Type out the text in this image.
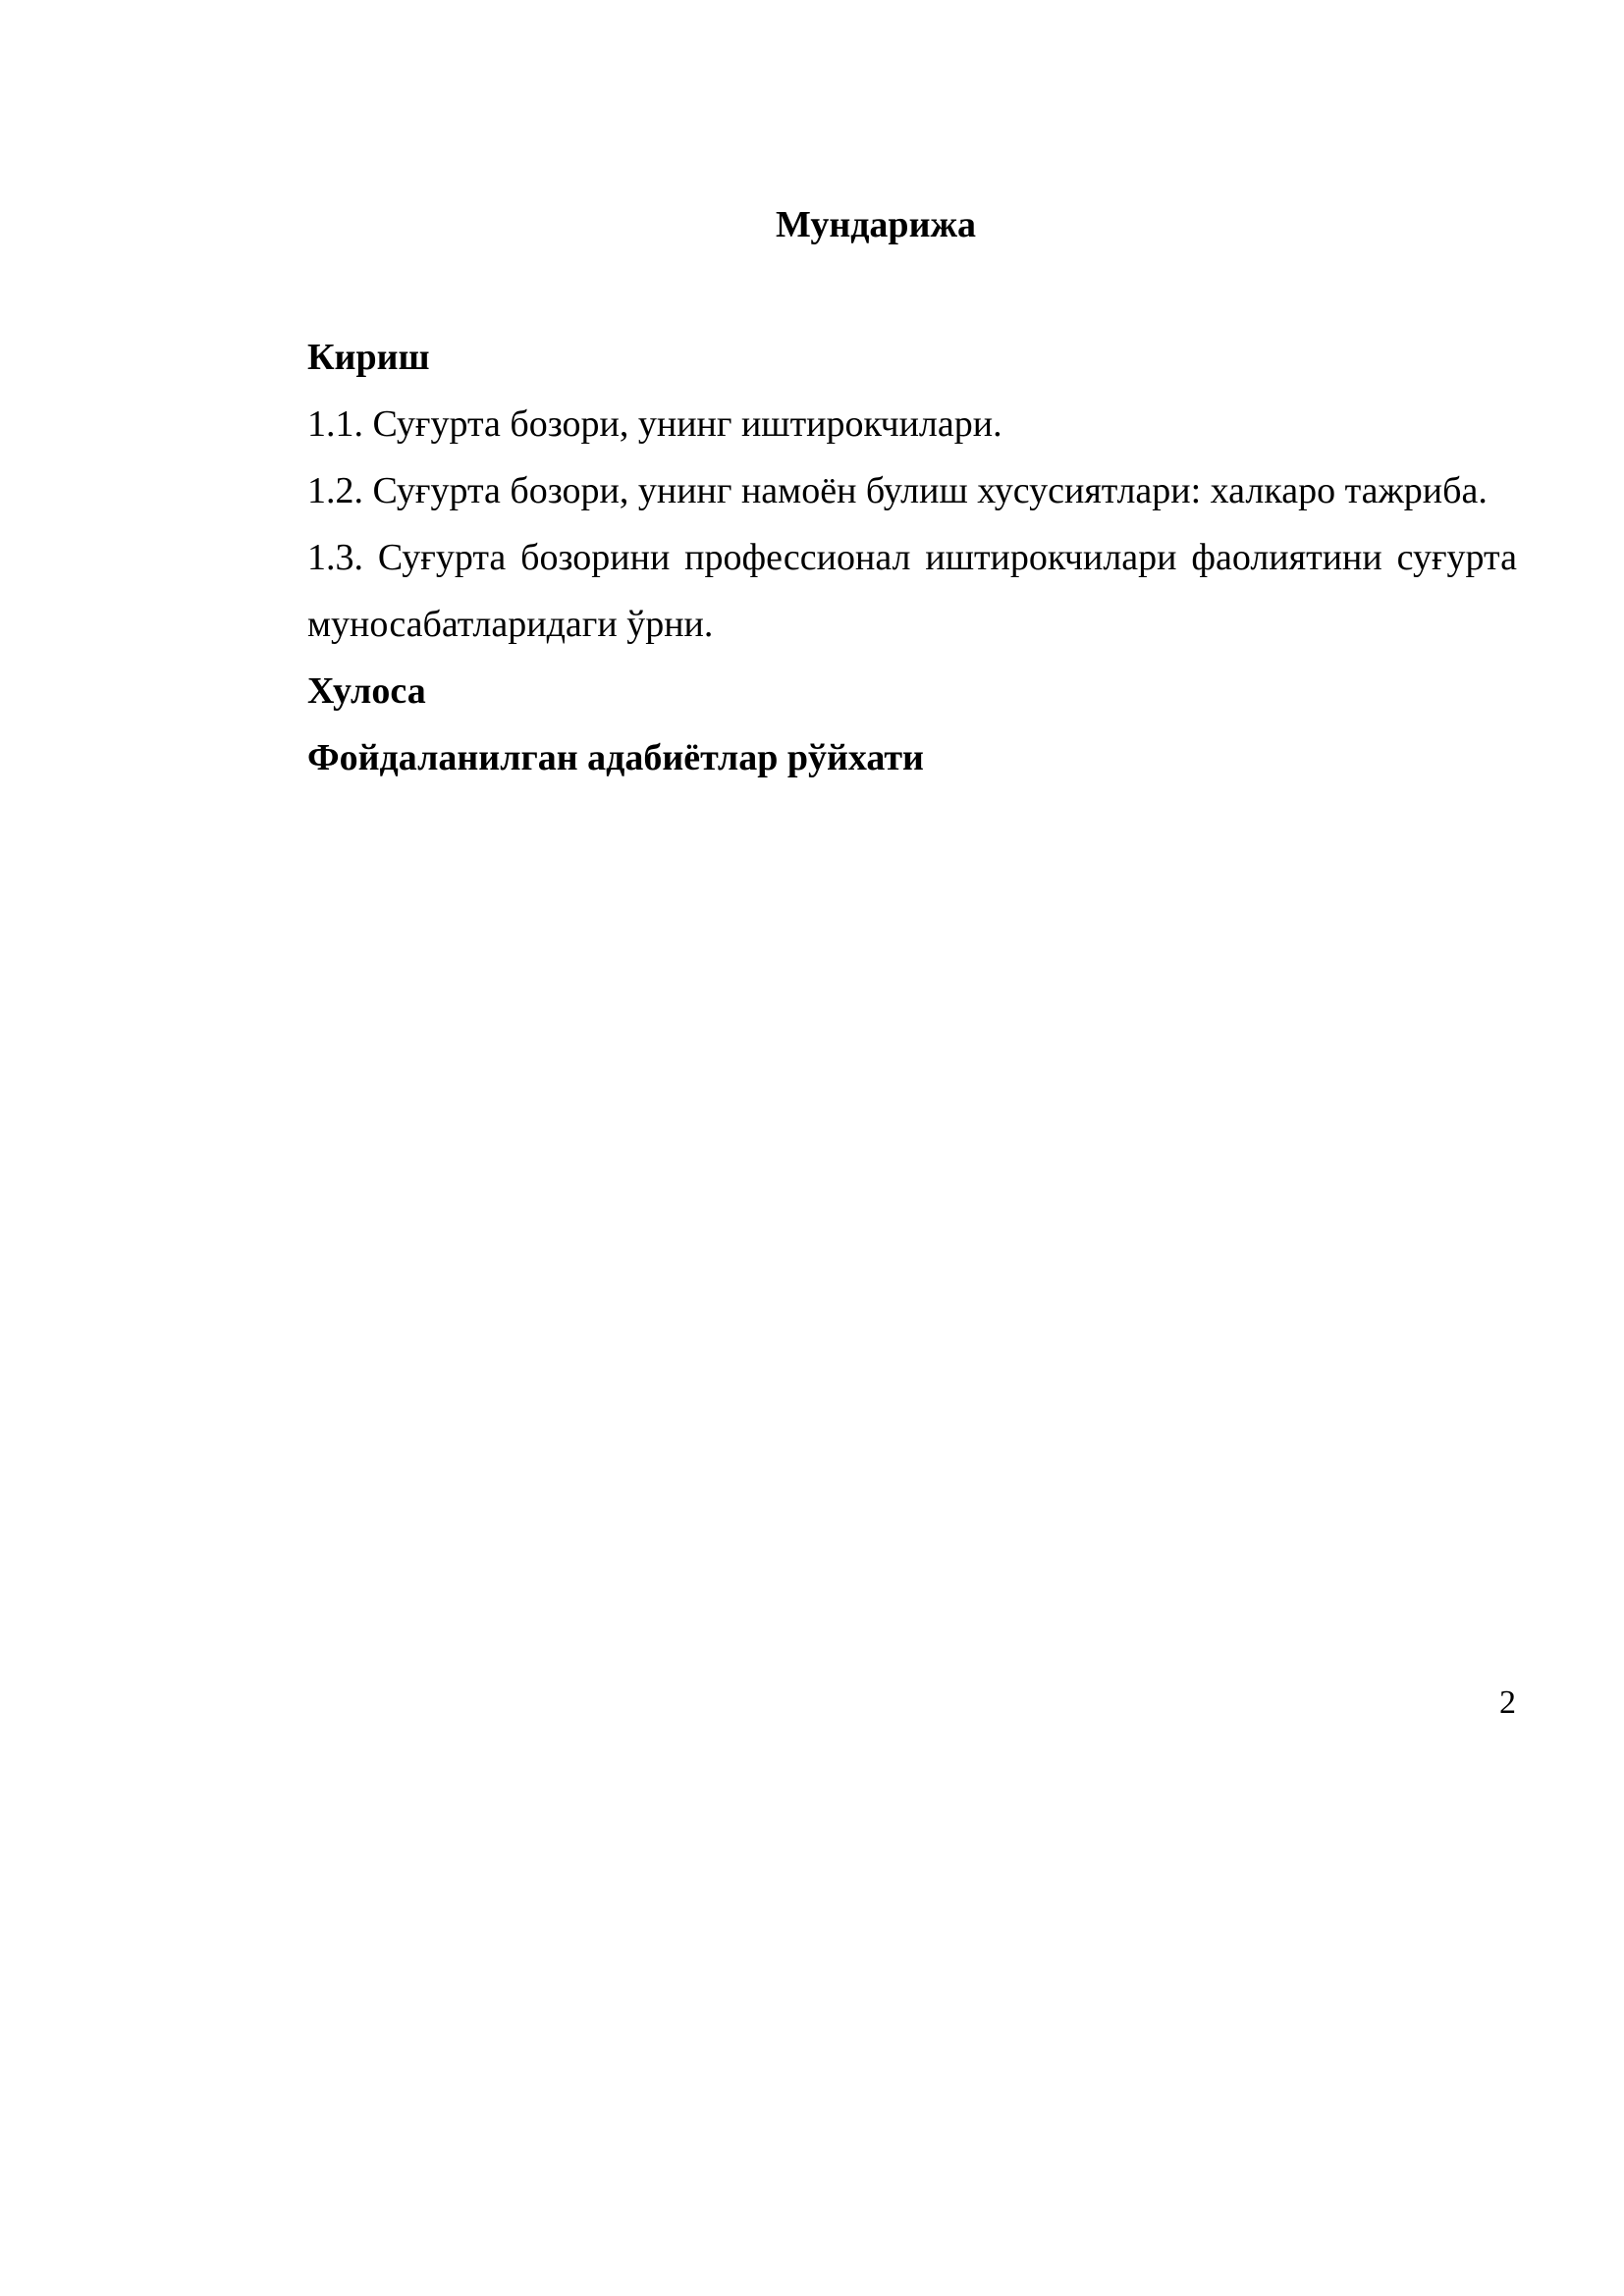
Мундарижа

Кириш

1.1. Суғурта бозори, унинг иштирокчилари.

1.2. Суғурта бозори, унинг намоён булиш хусусиятлари: халкаро тажриба.

1.3. Суғурта бозорини профессионал иштирокчилари фаолиятини суғурта муносабатларидаги ўрни.

Хулоса

Фойдаланилган адабиётлар рўйхати

2
